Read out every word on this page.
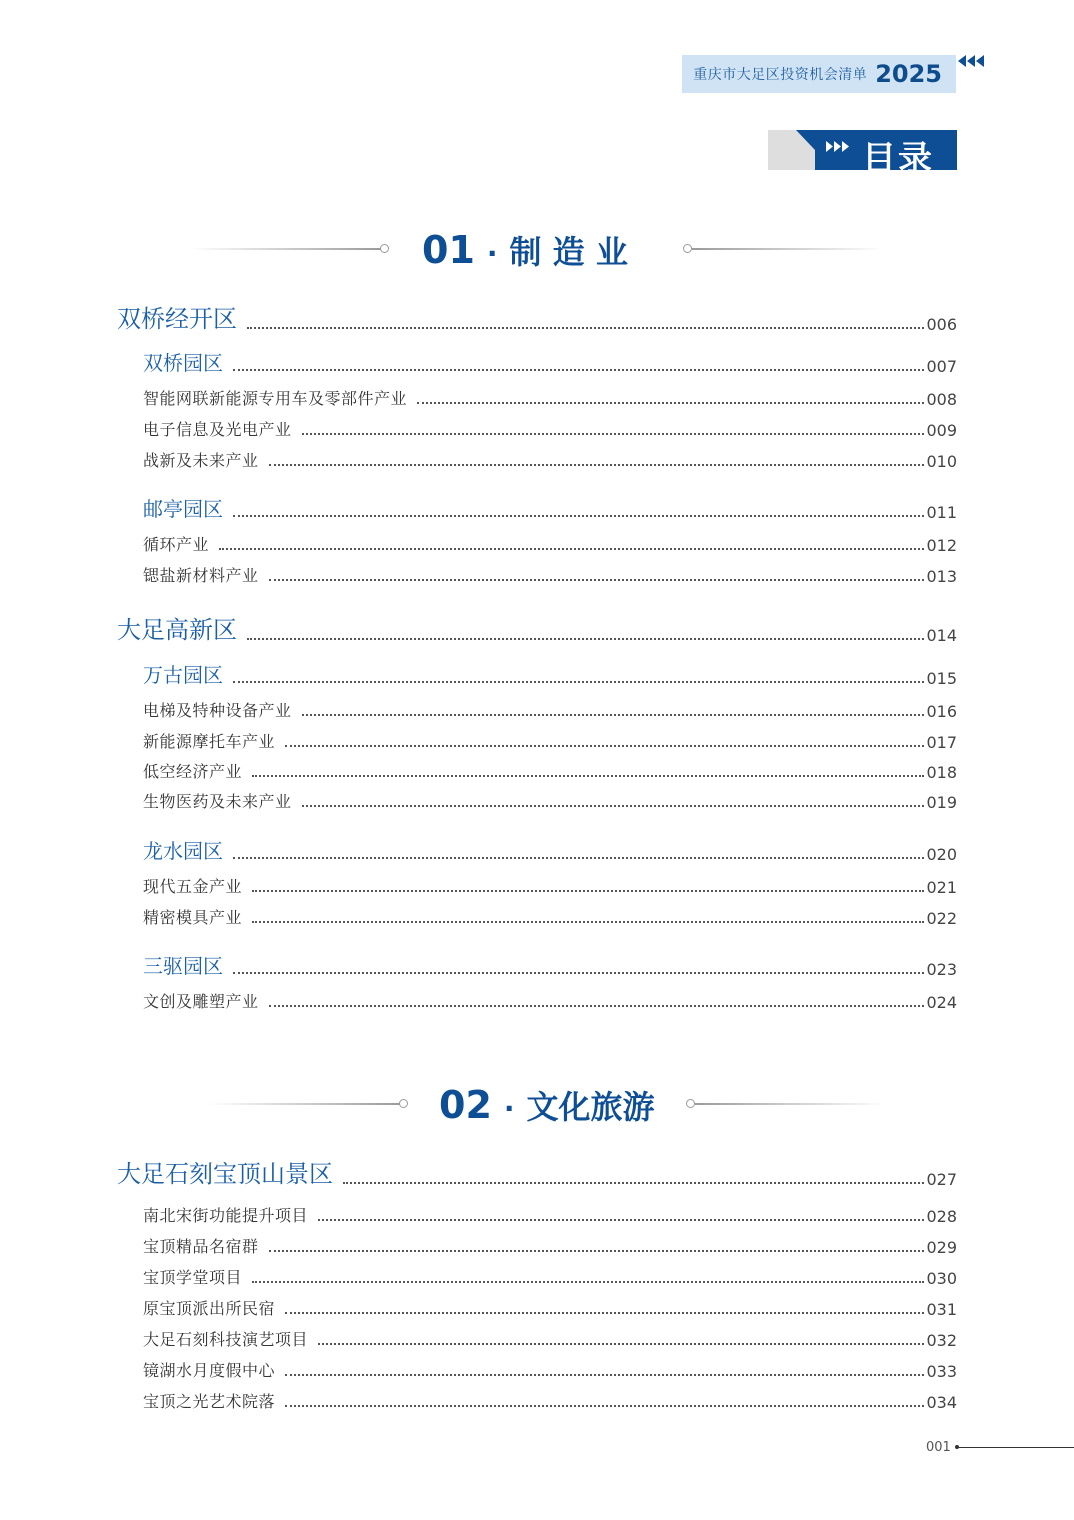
重庆市大足区投资机会清单 2025
目录
01 · 制 造 业
双桥经开区	006
双桥园区	007
智能网联新能源专用车及零部件产业	008
电子信息及光电产业	009
战新及未来产业	010
邮亭园区	011
循环产业	012
锶盐新材料产业	013
大足高新区	014
万古园区	015
电梯及特种设备产业	016
新能源摩托车产业	017
低空经济产业	018
生物医药及未来产业	019
龙水园区	020
现代五金产业	021
精密模具产业	022
三驱园区	023
文创及雕塑产业	024
02 · 文化旅游
大足石刻宝顶山景区	027
南北宋街功能提升项目	028
宝顶精品名宿群	029
宝顶学堂项目	030
原宝顶派出所民宿	031
大足石刻科技演艺项目	032
镜湖水月度假中心	033
宝顶之光艺术院落	034
001
